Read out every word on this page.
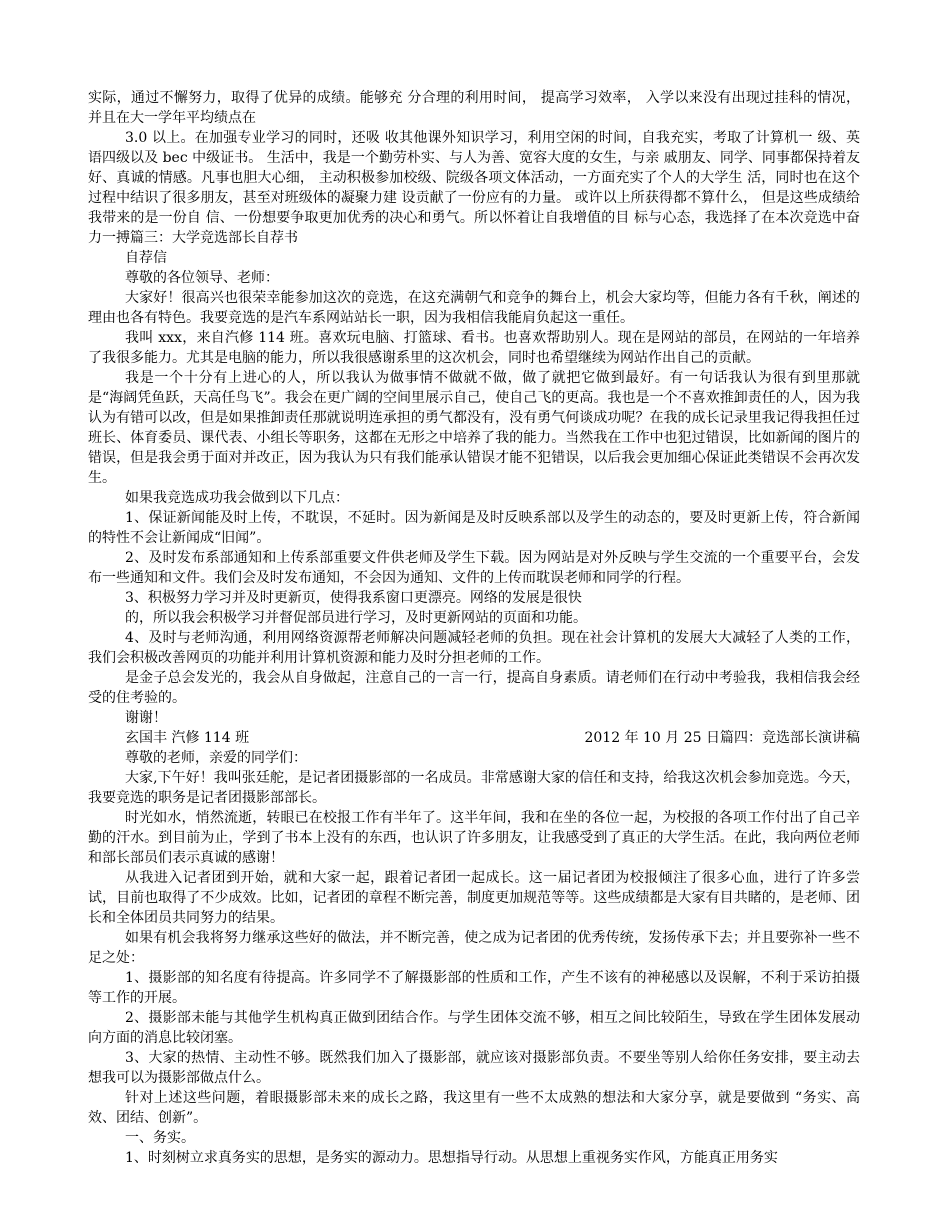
实际，通过不懈努力，取得了优异的成绩。能够充 分合理的利用时间， 提高学习效率， 入学以来没有出现过挂科的情况， 并且在大一学年平均绩点在

3.0 以上。在加强专业学习的同时，还吸 收其他课外知识学习，利用空闲的时间，自我充实，考取了计算机一 级、英语四级以及 bec 中级证书。 生活中，我是一个勤劳朴实、与人为善、宽容大度的女生，与亲 戚朋友、同学、同事都保持着友好、真诚的情感。凡事也胆大心细， 主动积极参加校级、院级各项文体活动，一方面充实了个人的大学生 活，同时也在这个过程中结识了很多朋友，甚至对班级体的凝聚力建 设贡献了一份应有的力量。 或许以上所获得都不算什么， 但是这些成绩给我带来的是一份自 信、一份想要争取更加优秀的决心和勇气。所以怀着让自我增值的目 标与心态，我选择了在本次竞选中奋力一搏篇三：大学竞选部长自荐书

自荐信

尊敬的各位领导、老师：

大家好！很高兴也很荣幸能参加这次的竞选，在这充满朝气和竞争的舞台上，机会大家均等，但能力各有千秋，阐述的理由也各有特色。我要竞选的是汽车系网站站长一职，因为我相信我能肩负起这一重任。

我叫 xxx，来自汽修 114 班。喜欢玩电脑、打篮球、看书。也喜欢帮助别人。现在是网站的部员，在网站的一年培养了我很多能力。尤其是电脑的能力，所以我很感谢系里的这次机会，同时也希望继续为网站作出自己的贡献。

我是一个十分有上进心的人，所以我认为做事情不做就不做，做了就把它做到最好。有一句话我认为很有到里那就是“海阔凭鱼跃，天高任鸟飞”。我会在更广阔的空间里展示自己，使自己飞的更高。我也是一个不喜欢推卸责任的人，因为我认为有错可以改，但是如果推卸责任那就说明连承担的勇气都没有，没有勇气何谈成功呢？在我的成长记录里我记得我担任过班长、体育委员、课代表、小组长等职务，这都在无形之中培养了我的能力。当然我在工作中也犯过错误，比如新闻的图片的错误，但是我会勇于面对并改正，因为我认为只有我们能承认错误才能不犯错误，以后我会更加细心保证此类错误不会再次发生。

如果我竞选成功我会做到以下几点：

1、保证新闻能及时上传，不耽误，不延时。因为新闻是及时反映系部以及学生的动态的，要及时更新上传，符合新闻的特性不会让新闻成“旧闻”。

2、及时发布系部通知和上传系部重要文件供老师及学生下载。因为网站是对外反映与学生交流的一个重要平台，会发布一些通知和文件。我们会及时发布通知，不会因为通知、文件的上传而耽误老师和同学的行程。

3、积极努力学习并及时更新页，使得我系窗口更漂亮。网络的发展是很快

的，所以我会积极学习并督促部员进行学习，及时更新网站的页面和功能。

4、及时与老师沟通，利用网络资源帮老师解决问题减轻老师的负担。现在社会计算机的发展大大减轻了人类的工作，我们会积极改善网页的功能并利用计算机资源和能力及时分担老师的工作。

是金子总会发光的，我会从自身做起，注意自己的一言一行，提高自身素质。请老师们在行动中考验我，我相信我会经受的住考验的。

谢谢！

玄国丰 汽修 114 班	2012 年 10 月 25 日篇四：竞选部长演讲稿

尊敬的老师，亲爱的同学们：

大家,下午好！我叫张廷舵，是记者团摄影部的一名成员。非常感谢大家的信任和支持，给我这次机会参加竞选。今天，我要竞选的职务是记者团摄影部部长。

时光如水，悄然流逝，转眼已在校报工作有半年了。这半年间，我和在坐的各位一起，为校报的各项工作付出了自己辛勤的汗水。到目前为止，学到了书本上没有的东西，也认识了许多朋友，让我感受到了真正的大学生活。在此，我向两位老师和部长部员们表示真诚的感谢！

从我进入记者团到开始，就和大家一起，跟着记者团一起成长。这一届记者团为校报倾注了很多心血，进行了许多尝试，目前也取得了不少成效。比如，记者团的章程不断完善，制度更加规范等等。这些成绩都是大家有目共睹的，是老师、团长和全体团员共同努力的结果。

如果有机会我将努力继承这些好的做法，并不断完善，使之成为记者团的优秀传统，发扬传承下去；并且要弥补一些不足之处：

1、摄影部的知名度有待提高。许多同学不了解摄影部的性质和工作，产生不该有的神秘感以及误解，不利于采访拍摄等工作的开展。

2、摄影部未能与其他学生机构真正做到团结合作。与学生团体交流不够，相互之间比较陌生，导致在学生团体发展动向方面的消息比较闭塞。

3、大家的热情、主动性不够。既然我们加入了摄影部，就应该对摄影部负责。不要坐等别人给你任务安排，要主动去想我可以为摄影部做点什么。

针对上述这些问题，着眼摄影部未来的成长之路，我这里有一些不太成熟的想法和大家分享，就是要做到 “务实、高效、团结、创新”。

一、务实。

1、时刻树立求真务实的思想，是务实的源动力。思想指导行动。从思想上重视务实作风，方能真正用务实
